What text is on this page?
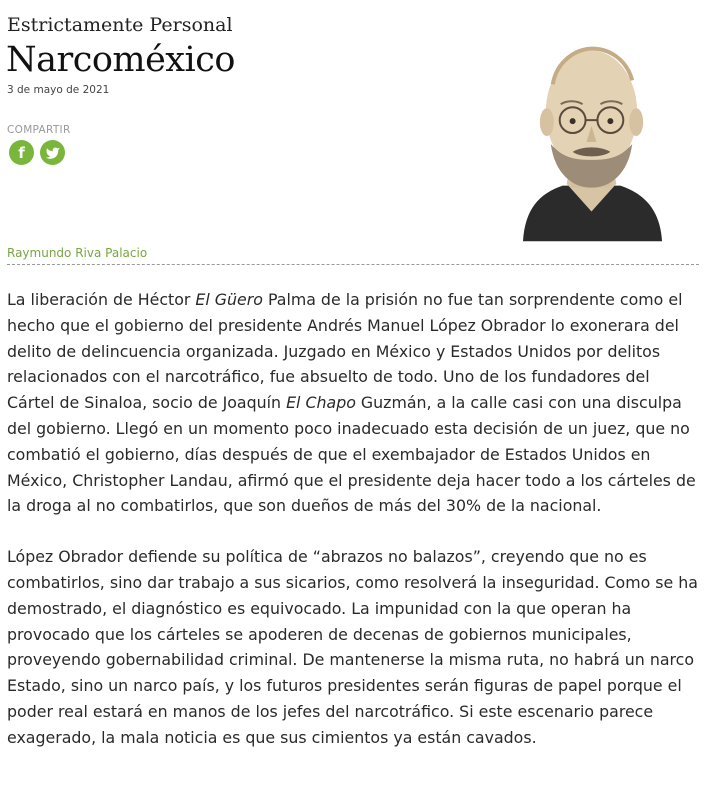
Estrictamente Personal
Narcoméxico
3 de mayo de 2021
COMPARTIR
f
Raymundo Riva Palacio

La liberación de Héctor El Güero Palma de la prisión no fue tan sorprendente como el hecho que el gobierno del presidente Andrés Manuel López Obrador lo exonerara del delito de delincuencia organizada. Juzgado en México y Estados Unidos por delitos relacionados con el narcotráfico, fue absuelto de todo. Uno de los fundadores del Cártel de Sinaloa, socio de Joaquín El Chapo Guzmán, a la calle casi con una disculpa del gobierno. Llegó en un momento poco inadecuado esta decisión de un juez, que no combatió el gobierno, días después de que el exembajador de Estados Unidos en México, Christopher Landau, afirmó que el presidente deja hacer todo a los cárteles de la droga al no combatirlos, que son dueños de más del 30% de la nacional.

López Obrador defiende su política de “abrazos no balazos”, creyendo que no es combatirlos, sino dar trabajo a sus sicarios, como resolverá la inseguridad. Como se ha demostrado, el diagnóstico es equivocado. La impunidad con la que operan ha provocado que los cárteles se apoderen de decenas de gobiernos municipales, proveyendo gobernabilidad criminal. De mantenerse la misma ruta, no habrá un narco Estado, sino un narco país, y los futuros presidentes serán figuras de papel porque el poder real estará en manos de los jefes del narcotráfico. Si este escenario parece exagerado, la mala noticia es que sus cimientos ya están cavados.
